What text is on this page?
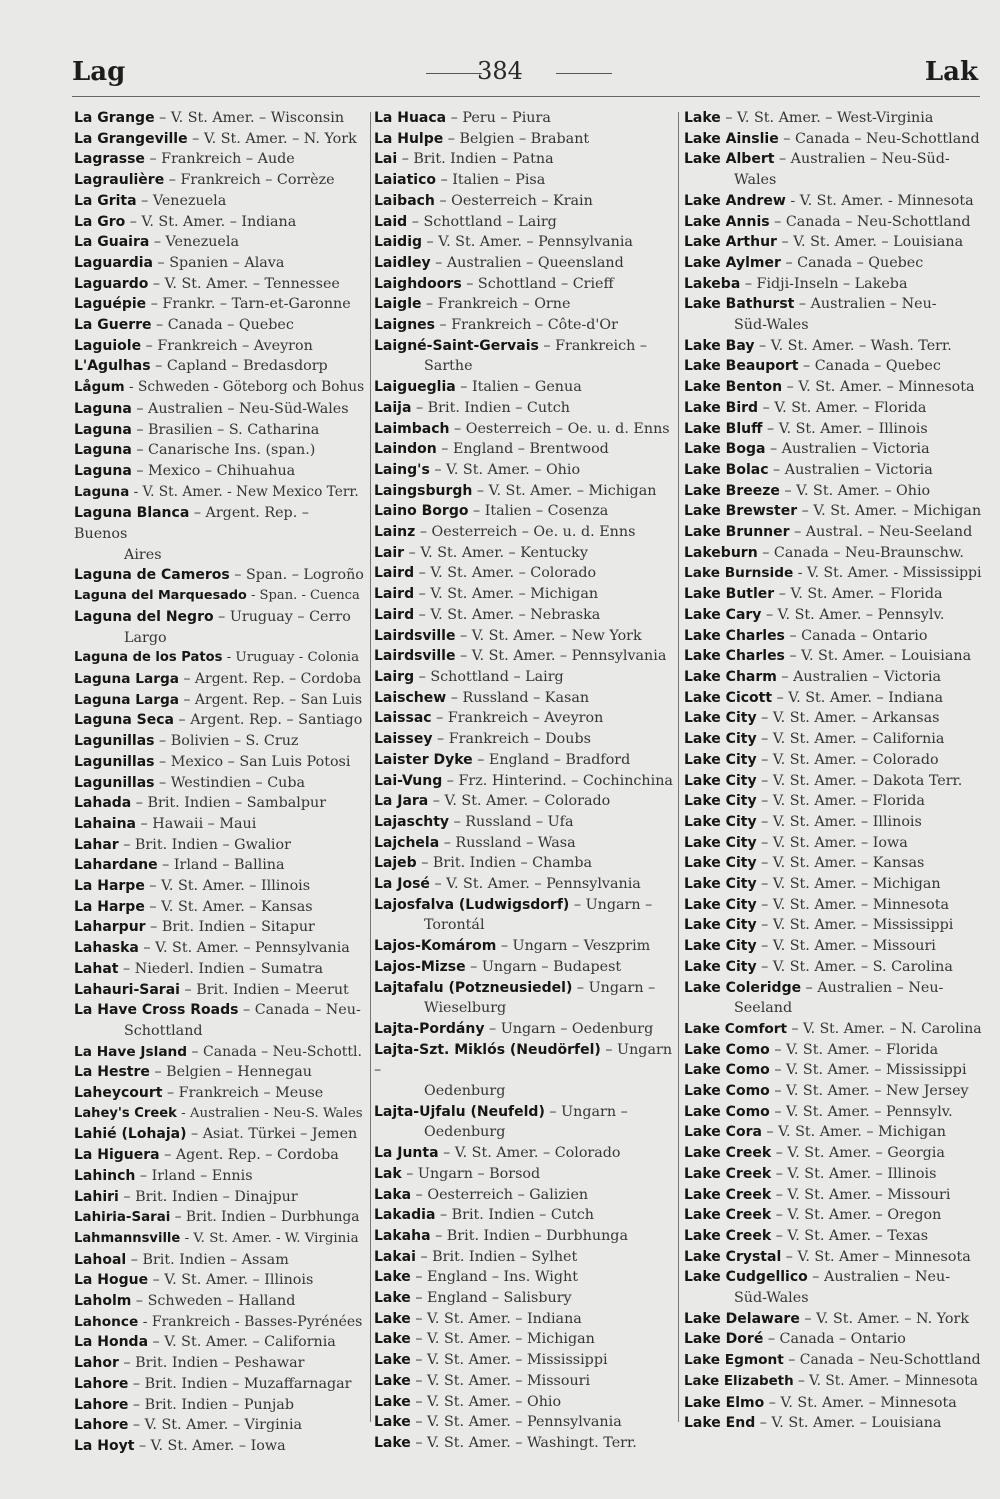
Lag	384	Lak
La Grange – V. St. Amer. – Wisconsin
La Grangeville – V. St. Amer. – N. York
Lagrasse – Frankreich – Aude
Lagraulière – Frankreich – Corrèze
La Grita – Venezuela
La Gro – V. St. Amer. – Indiana
La Guaira – Venezuela
Laguardia – Spanien – Alava
Laguardo – V. St. Amer. – Tennessee
Laguépie – Frankr. – Tarn-et-Garonne
La Guerre – Canada – Quebec
Laguiole – Frankreich – Aveyron
L'Agulhas – Capland – Bredasdorp
Lågum - Schweden - Göteborg och Bohus
Laguna – Australien – Neu-Süd-Wales
Laguna – Brasilien – S. Catharina
Laguna – Canarische Ins. (span.)
Laguna – Mexico – Chihuahua
Laguna - V. St. Amer. - New Mexico Terr.
Laguna Blanca – Argent. Rep. – Buenos
Aires
Laguna de Cameros – Span. – Logroño
Laguna del Marquesado - Span. - Cuenca
Laguna del Negro – Uruguay – Cerro
Largo
Laguna de los Patos - Uruguay - Colonia
Laguna Larga – Argent. Rep. – Cordoba
Laguna Larga – Argent. Rep. – San Luis
Laguna Seca – Argent. Rep. – Santiago
Lagunillas – Bolivien – S. Cruz
Lagunillas – Mexico – San Luis Potosi
Lagunillas – Westindien – Cuba
Lahada – Brit. Indien – Sambalpur
Lahaina – Hawaii – Maui
Lahar – Brit. Indien – Gwalior
Lahardane – Irland – Ballina
La Harpe – V. St. Amer. – Illinois
La Harpe – V. St. Amer. – Kansas
Laharpur – Brit. Indien – Sitapur
Lahaska – V. St. Amer. – Pennsylvania
Lahat – Niederl. Indien – Sumatra
Lahauri-Sarai – Brit. Indien – Meerut
La Have Cross Roads – Canada – Neu-
Schottland
La Have Jsland – Canada – Neu-Schottl.
La Hestre – Belgien – Hennegau
Laheycourt – Frankreich – Meuse
Lahey's Creek - Australien - Neu-S. Wales
Lahié (Lohaja) – Asiat. Türkei – Jemen
La Higuera – Agent. Rep. – Cordoba
Lahinch – Irland – Ennis
Lahiri – Brit. Indien – Dinajpur
Lahiria-Sarai – Brit. Indien – Durbhunga
Lahmannsville - V. St. Amer. - W. Virginia
Lahoal – Brit. Indien – Assam
La Hogue – V. St. Amer. – Illinois
Laholm – Schweden – Halland
Lahonce - Frankreich - Basses-Pyrénées
La Honda – V. St. Amer. – California
Lahor – Brit. Indien – Peshawar
Lahore – Brit. Indien – Muzaffarnagar
Lahore – Brit. Indien – Punjab
Lahore – V. St. Amer. – Virginia
La Hoyt – V. St. Amer. – Iowa
La Huaca – Peru – Piura
La Hulpe – Belgien – Brabant
Lai – Brit. Indien – Patna
Laiatico – Italien – Pisa
Laibach – Oesterreich – Krain
Laid – Schottland – Lairg
Laidig – V. St. Amer. – Pennsylvania
Laidley – Australien – Queensland
Laighdoors – Schottland – Crieff
Laigle – Frankreich – Orne
Laignes – Frankreich – Côte-d'Or
Laigné-Saint-Gervais – Frankreich –
Sarthe
Laigueglia – Italien – Genua
Laija – Brit. Indien – Cutch
Laimbach – Oesterreich – Oe. u. d. Enns
Laindon – England – Brentwood
Laing's – V. St. Amer. – Ohio
Laingsburgh – V. St. Amer. – Michigan
Laino Borgo – Italien – Cosenza
Lainz – Oesterreich – Oe. u. d. Enns
Lair – V. St. Amer. – Kentucky
Laird – V. St. Amer. – Colorado
Laird – V. St. Amer. – Michigan
Laird – V. St. Amer. – Nebraska
Lairdsville – V. St. Amer. – New York
Lairdsville – V. St. Amer. – Pennsylvania
Lairg – Schottland – Lairg
Laischew – Russland – Kasan
Laissac – Frankreich – Aveyron
Laissey – Frankreich – Doubs
Laister Dyke – England – Bradford
Lai-Vung – Frz. Hinterind. – Cochinchina
La Jara – V. St. Amer. – Colorado
Lajaschty – Russland – Ufa
Lajchela – Russland – Wasa
Lajeb – Brit. Indien – Chamba
La José – V. St. Amer. – Pennsylvania
Lajosfalva (Ludwigsdorf) – Ungarn –
Torontál
Lajos-Komárom – Ungarn – Veszprim
Lajos-Mizse – Ungarn – Budapest
Lajtafalu (Potzneusiedel) – Ungarn –
Wieselburg
Lajta-Pordány – Ungarn – Oedenburg
Lajta-Szt. Miklós (Neudörfel) – Ungarn –
Oedenburg
Lajta-Ujfalu (Neufeld) – Ungarn –
Oedenburg
La Junta – V. St. Amer. – Colorado
Lak – Ungarn – Borsod
Laka – Oesterreich – Galizien
Lakadia – Brit. Indien – Cutch
Lakaha – Brit. Indien – Durbhunga
Lakai – Brit. Indien – Sylhet
Lake – England – Ins. Wight
Lake – England – Salisbury
Lake – V. St. Amer. – Indiana
Lake – V. St. Amer. – Michigan
Lake – V. St. Amer. – Mississippi
Lake – V. St. Amer. – Missouri
Lake – V. St. Amer. – Ohio
Lake – V. St. Amer. – Pennsylvania
Lake – V. St. Amer. – Washingt. Terr.
Lake – V. St. Amer. – West-Virginia
Lake Ainslie – Canada – Neu-Schottland
Lake Albert – Australien – Neu-Süd-
Wales
Lake Andrew - V. St. Amer. - Minnesota
Lake Annis – Canada – Neu-Schottland
Lake Arthur – V. St. Amer. – Louisiana
Lake Aylmer – Canada – Quebec
Lakeba – Fidji-Inseln – Lakeba
Lake Bathurst – Australien – Neu-
Süd-Wales
Lake Bay – V. St. Amer. – Wash. Terr.
Lake Beauport – Canada – Quebec
Lake Benton – V. St. Amer. – Minnesota
Lake Bird – V. St. Amer. – Florida
Lake Bluff – V. St. Amer. – Illinois
Lake Boga – Australien – Victoria
Lake Bolac – Australien – Victoria
Lake Breeze – V. St. Amer. – Ohio
Lake Brewster – V. St. Amer. – Michigan
Lake Brunner – Austral. – Neu-Seeland
Lakeburn – Canada – Neu-Braunschw.
Lake Burnside - V. St. Amer. - Mississippi
Lake Butler – V. St. Amer. – Florida
Lake Cary – V. St. Amer. – Pennsylv.
Lake Charles – Canada – Ontario
Lake Charles – V. St. Amer. – Louisiana
Lake Charm – Australien – Victoria
Lake Cicott – V. St. Amer. – Indiana
Lake City – V. St. Amer. – Arkansas
Lake City – V. St. Amer. – California
Lake City – V. St. Amer. – Colorado
Lake City – V. St. Amer. – Dakota Terr.
Lake City – V. St. Amer. – Florida
Lake City – V. St. Amer. – Illinois
Lake City – V. St. Amer. – Iowa
Lake City – V. St. Amer. – Kansas
Lake City – V. St. Amer. – Michigan
Lake City – V. St. Amer. – Minnesota
Lake City – V. St. Amer. – Mississippi
Lake City – V. St. Amer. – Missouri
Lake City – V. St. Amer. – S. Carolina
Lake Coleridge – Australien – Neu-
Seeland
Lake Comfort – V. St. Amer. – N. Carolina
Lake Como – V. St. Amer. – Florida
Lake Como – V. St. Amer. – Mississippi
Lake Como – V. St. Amer. – New Jersey
Lake Como – V. St. Amer. – Pennsylv.
Lake Cora – V. St. Amer. – Michigan
Lake Creek – V. St. Amer. – Georgia
Lake Creek – V. St. Amer. – Illinois
Lake Creek – V. St. Amer. – Missouri
Lake Creek – V. St. Amer. – Oregon
Lake Creek – V. St. Amer. – Texas
Lake Crystal – V. St. Amer – Minnesota
Lake Cudgellico – Australien – Neu-
Süd-Wales
Lake Delaware – V. St. Amer. – N. York
Lake Doré – Canada – Ontario
Lake Egmont – Canada – Neu-Schottland
Lake Elizabeth – V. St. Amer. – Minnesota
Lake Elmo – V. St. Amer. – Minnesota
Lake End – V. St. Amer. – Louisiana
